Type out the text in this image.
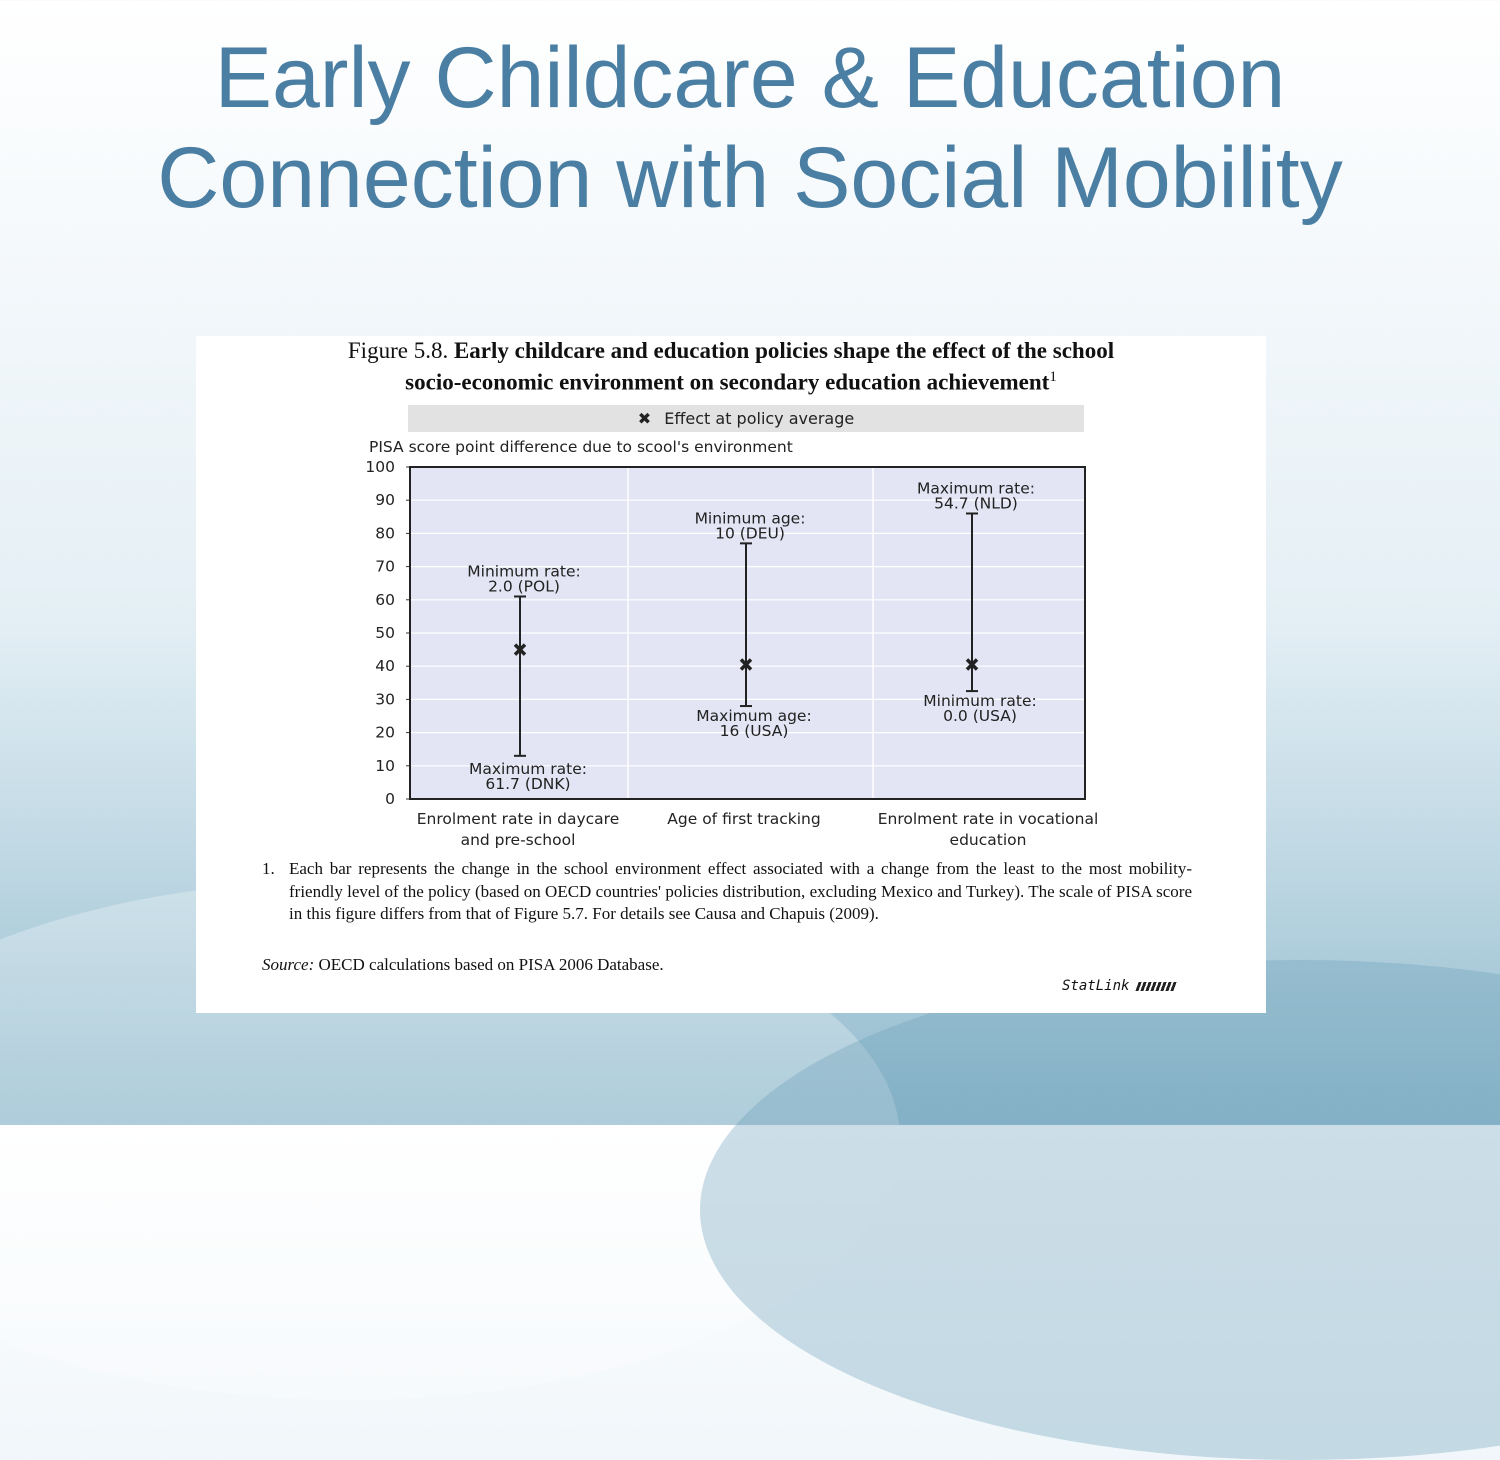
Early Childcare & Education
Connection with Social Mobility
Figure 5.8. Early childcare and education policies shape the effect of the school
socio-economic environment on secondary education achievement$^1$
✖ Effect at policy average
PISA score point difference due to scool's environment
0
10
20
30
40
50
60
70
80
90
100
Minimum rate:
2.0 (POL)
Maximum rate:
61.7 (DNK)
Enrolment rate in daycare
and pre-school
Minimum age:
10 (DEU)
Maximum age:
16 (USA)
Age of first tracking
Maximum rate:
54.7 (NLD)
Minimum rate:
0.0 (USA)
Enrolment rate in vocational
education
1. Each bar represents the change in the school environment effect associated with a change from the least to the most mobility-friendly level of the policy (based on OECD countries' policies distribution, excluding Mexico and Turkey). The scale of PISA score in this figure differs from that of Figure 5.7. For details see Causa and Chapuis (2009).
Source: OECD calculations based on PISA 2006 Database.
StatLink
